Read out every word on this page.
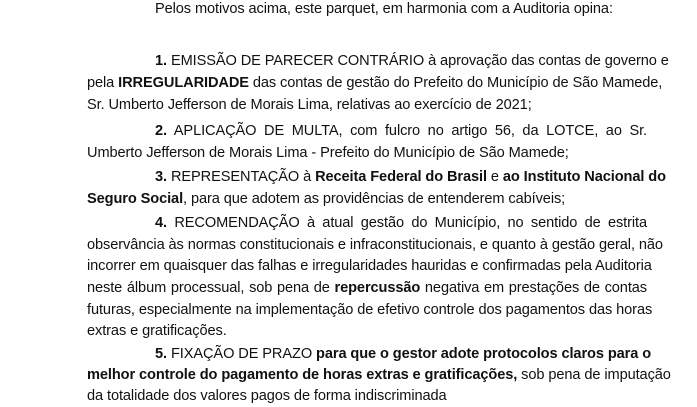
Pelos motivos acima, este parquet, em harmonia com a Auditoria opina:
1. EMISSÃO DE PARECER CONTRÁRIO à aprovação das contas de governo e
pela IRREGULARIDADE das contas de gestão do Prefeito do Município de São Mamede,
Sr. Umberto Jefferson de Morais Lima, relativas ao exercício de 2021;
2. APLICAÇÃO DE MULTA, com fulcro no artigo 56, da LOTCE, ao Sr.
Umberto Jefferson de Morais Lima - Prefeito do Município de São Mamede;
3. REPRESENTAÇÃO à Receita Federal do Brasil e ao Instituto Nacional do
Seguro Social, para que adotem as providências de entenderem cabíveis;
4. RECOMENDAÇÃO à atual gestão do Município, no sentido de estrita
observância às normas constitucionais e infraconstitucionais, e quanto à gestão geral, não
incorrer em quaisquer das falhas e irregularidades hauridas e confirmadas pela Auditoria
neste álbum processual, sob pena de repercussão negativa em prestações de contas
futuras, especialmente na implementação de efetivo controle dos pagamentos das horas
extras e gratificações.
5. FIXAÇÃO DE PRAZO para que o gestor adote protocolos claros para o
melhor controle do pagamento de horas extras e gratificações, sob pena de imputação
da totalidade dos valores pagos de forma indiscriminada
